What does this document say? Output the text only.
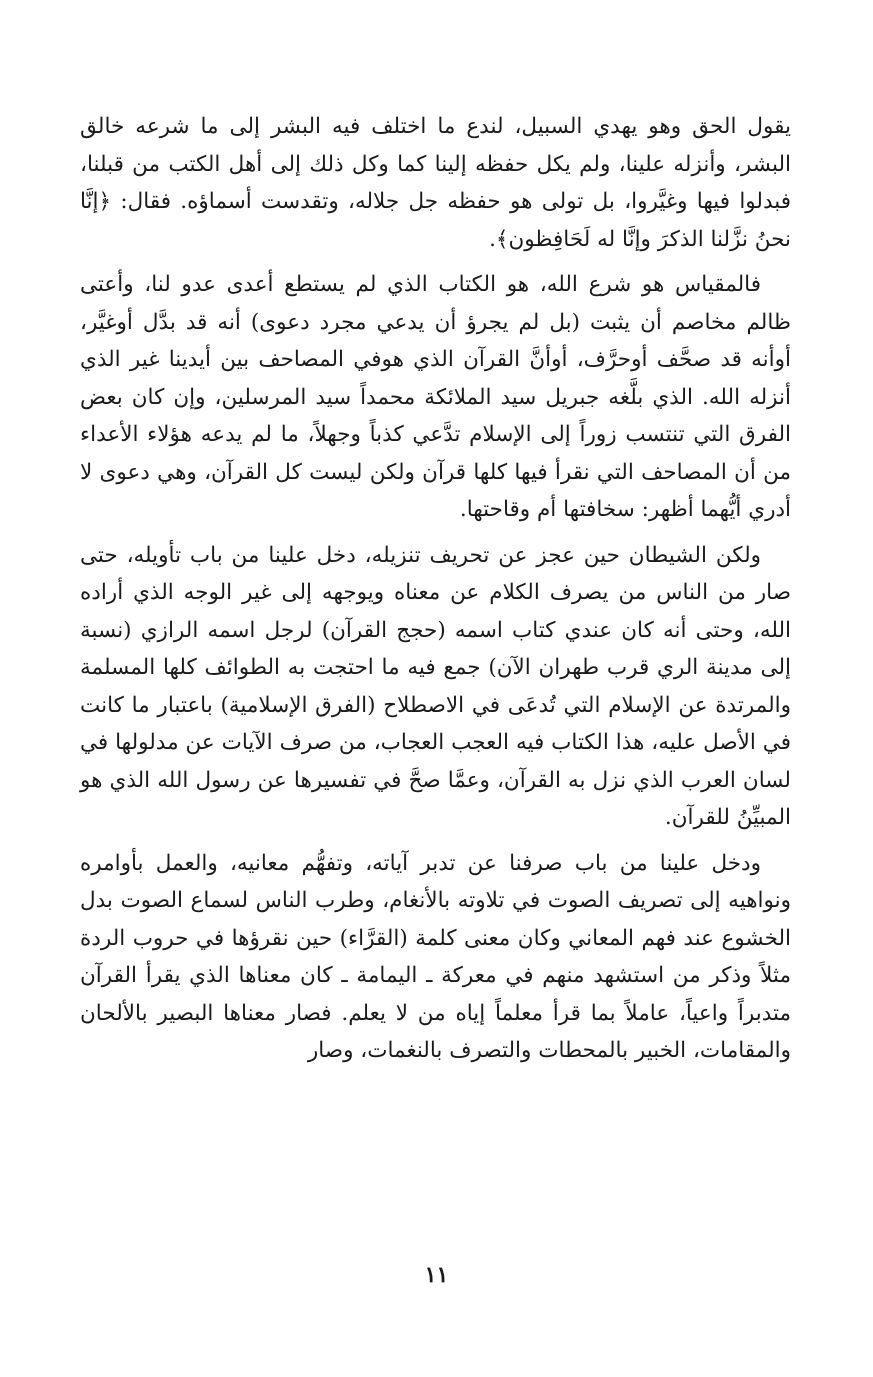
يقول الحق وهو يهدي السبيل، لندع ما اختلف فيه البشر إلى ما شرعه خالق البشر، وأنزله علينا، ولم يكل حفظه إلينا كما وكل ذلك إلى أهل الكتب من قبلنا، فبدلوا فيها وغيَّروا، بل تولى هو حفظه جل جلاله، وتقدست أسماؤه. فقال: ﴿إنَّا نحنُ نزَّلنا الذكرَ وإنَّا له لَحَافِظون﴾.

فالمقياس هو شرع الله، هو الكتاب الذي لم يستطع أعدى عدو لنا، وأعتى ظالم مخاصم أن يثبت (بل لم يجرؤ أن يدعي مجرد دعوى) أنه قد بدَّل أوغيَّر، أوأنه قد صحَّف أوحرَّف، أوأنَّ القرآن الذي هوفي المصاحف بين أيدينا غير الذي أنزله الله. الذي بلَّغه جبريل سيد الملائكة محمداً سيد المرسلين، وإن كان بعض الفرق التي تنتسب زوراً إلى الإسلام تدَّعي كذباً وجهلاً، ما لم يدعه هؤلاء الأعداء من أن المصاحف التي نقرأ فيها كلها قرآن ولكن ليست كل القرآن، وهي دعوى لا أدري أيُّهما أظهر: سخافتها أم وقاحتها.

ولكن الشيطان حين عجز عن تحريف تنزيله، دخل علينا من باب تأويله، حتى صار من الناس من يصرف الكلام عن معناه ويوجهه إلى غير الوجه الذي أراده الله، وحتى أنه كان عندي كتاب اسمه (حجج القرآن) لرجل اسمه الرازي (نسبة إلى مدينة الري قرب طهران الآن) جمع فيه ما احتجت به الطوائف كلها المسلمة والمرتدة عن الإسلام التي تُدعَى في الاصطلاح (الفرق الإسلامية) باعتبار ما كانت في الأصل عليه، هذا الكتاب فيه العجب العجاب، من صرف الآيات عن مدلولها في لسان العرب الذي نزل به القرآن، وعمَّا صحَّ في تفسيرها عن رسول الله الذي هو المبيِّنُ للقرآن.

ودخل علينا من باب صرفنا عن تدبر آياته، وتفهُّم معانيه، والعمل بأوامره ونواهيه إلى تصريف الصوت في تلاوته بالأنغام، وطرب الناس لسماع الصوت بدل الخشوع عند فهم المعاني وكان معنى كلمة (القرَّاء) حين نقرؤها في حروب الردة مثلاً وذكر من استشهد منهم في معركة ـ اليمامة ـ كان معناها الذي يقرأ القرآن متدبراً واعياً، عاملاً بما قرأ معلماً إياه من لا يعلم. فصار معناها البصير بالألحان والمقامات، الخبير بالمحطات والتصرف بالنغمات، وصار

١١
